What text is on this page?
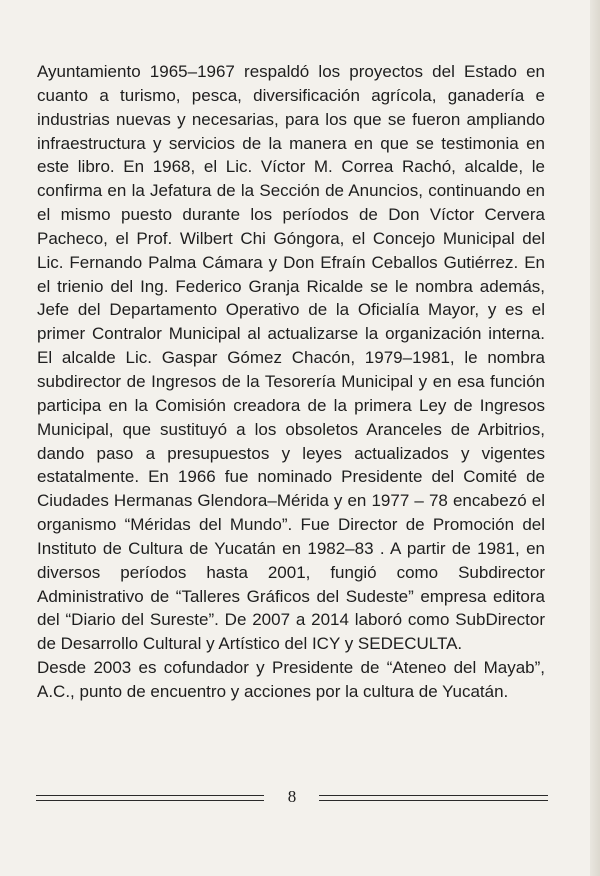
Ayuntamiento 1965–1967 respaldó los proyectos del Estado en cuanto a turismo, pesca, diversificación agrícola, ganadería e industrias nuevas y necesarias, para los que se fueron ampliando infraestructura y servicios de la manera en que se testimonia en este libro. En 1968, el Lic. Víctor M. Correa Rachó, alcalde, le confirma en la Jefatura de la Sección de Anuncios, continuando en el mismo puesto durante los períodos de Don Víctor Cervera Pacheco, el Prof. Wilbert Chi Góngora, el Concejo Municipal del Lic. Fernando Palma Cámara y Don Efraín Ceballos Gutiérrez. En el trienio del Ing. Federico Granja Ricalde se le nombra además, Jefe del Departamento Operativo de la Oficialía Mayor, y es el primer Contralor Municipal al actualizarse la organización interna. El alcalde Lic. Gaspar Gómez Chacón, 1979–1981, le nombra subdirector de Ingresos de la Tesorería Municipal y en esa función participa en la Comisión creadora de la primera Ley de Ingresos Municipal, que sustituyó a los obsoletos Aranceles de Arbitrios, dando paso a presupuestos y leyes actualizados y vigentes estatalmente. En 1966 fue nominado Presidente del Comité de Ciudades Hermanas Glendora–Mérida y en 1977 – 78 encabezó el organismo “Méridas del Mundo”. Fue Director de Promoción del Instituto de Cultura de Yucatán en 1982–83 . A partir de 1981, en diversos períodos hasta 2001, fungió como Subdirector Administrativo de “Talleres Gráficos del Sudeste” empresa editora del “Diario del Sureste”. De 2007 a 2014 laboró como SubDirector de Desarrollo Cultural y Artístico del ICY y SEDECULTA.

Desde 2003 es cofundador y Presidente de “Ateneo del Mayab”, A.C., punto de encuentro y acciones por la cultura de Yucatán.

8
